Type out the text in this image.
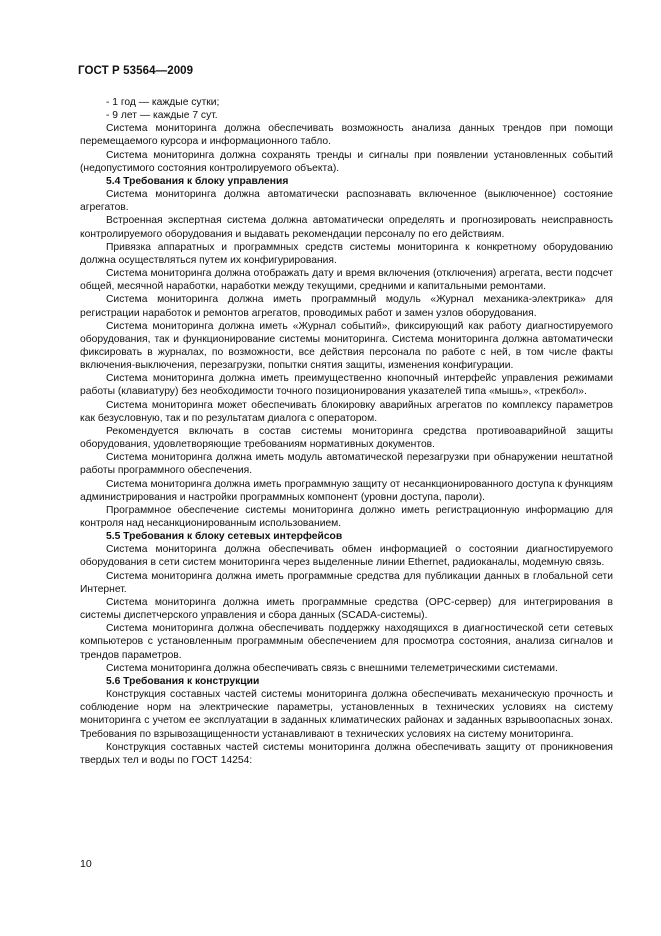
ГОСТ Р 53564—2009

- 1 год — каждые сутки;

- 9 лет — каждые 7 сут.

Система мониторинга должна обеспечивать возможность анализа данных трендов при помощи перемещаемого курсора и информационного табло.

Система мониторинга должна сохранять тренды и сигналы при появлении установленных событий (недопустимого состояния контролируемого объекта).

5.4 Требования к блоку управления

Система мониторинга должна автоматически распознавать включенное (выключенное) состояние агрегатов.

Встроенная экспертная система должна автоматически определять и прогнозировать неисправность контролируемого оборудования и выдавать рекомендации персоналу по его действиям.

Привязка аппаратных и программных средств системы мониторинга к конкретному оборудованию должна осуществляться путем их конфигурирования.

Система мониторинга должна отображать дату и время включения (отключения) агрегата, вести подсчет общей, месячной наработки, наработки между текущими, средними и капитальными ремонтами.

Система мониторинга должна иметь программный модуль «Журнал механика-электрика» для регистрации наработок и ремонтов агрегатов, проводимых работ и замен узлов оборудования.

Система мониторинга должна иметь «Журнал событий», фиксирующий как работу диагностируемого оборудования, так и функционирование системы мониторинга. Система мониторинга должна автоматически фиксировать в журналах, по возможности, все действия персонала по работе с ней, в том числе факты включения-выключения, перезагрузки, попытки снятия защиты, изменения конфигурации.

Система мониторинга должна иметь преимущественно кнопочный интерфейс управления режимами работы (клавиатуру) без необходимости точного позиционирования указателей типа «мышь», «трекбол».

Система мониторинга может обеспечивать блокировку аварийных агрегатов по комплексу параметров как безусловную, так и по результатам диалога с оператором.

Рекомендуется включать в состав системы мониторинга средства противоаварийной защиты оборудования, удовлетворяющие требованиям нормативных документов.

Система мониторинга должна иметь модуль автоматической перезагрузки при обнаружении нештатной работы программного обеспечения.

Система мониторинга должна иметь программную защиту от несанкционированного доступа к функциям администрирования и настройки программных компонент (уровни доступа, пароли).

Программное обеспечение системы мониторинга должно иметь регистрационную информацию для контроля над несанкционированным использованием.

5.5 Требования к блоку сетевых интерфейсов

Система мониторинга должна обеспечивать обмен информацией о состоянии диагностируемого оборудования в сети систем мониторинга через выделенные линии Ethernet, радиоканалы, модемную связь.

Система мониторинга должна иметь программные средства для публикации данных в глобальной сети Интернет.

Система мониторинга должна иметь программные средства (OPC-сервер) для интегрирования в системы диспетчерского управления и сбора данных (SCADA-системы).

Система мониторинга должна обеспечивать поддержку находящихся в диагностической сети сетевых компьютеров с установленным программным обеспечением для просмотра состояния, анализа сигналов и трендов параметров.

Система мониторинга должна обеспечивать связь с внешними телеметрическими системами.

5.6 Требования к конструкции

Конструкция составных частей системы мониторинга должна обеспечивать механическую прочность и соблюдение норм на электрические параметры, установленных в технических условиях на систему мониторинга с учетом ее эксплуатации в заданных климатических районах и заданных взрывоопасных зонах. Требования по взрывозащищенности устанавливают в технических условиях на систему мониторинга.

Конструкция составных частей системы мониторинга должна обеспечивать защиту от проникновения твердых тел и воды по ГОСТ 14254:

10
